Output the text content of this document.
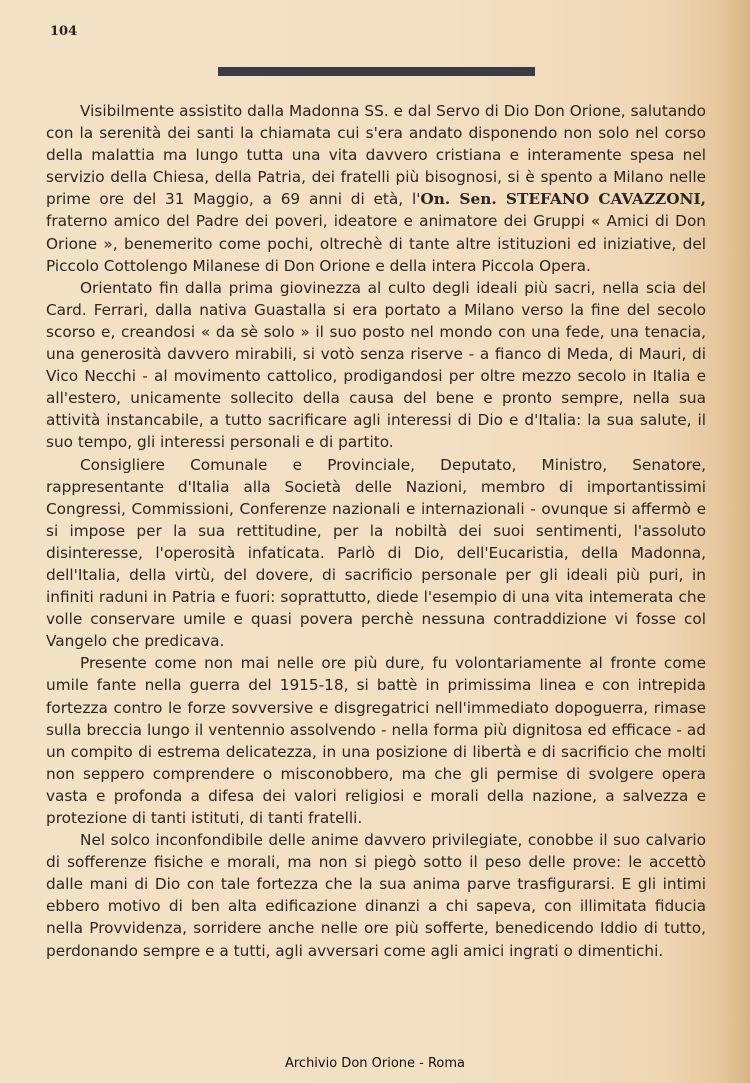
104

Visibilmente assistito dalla Madonna SS. e dal Servo di Dio Don Orione, salutando con la serenità dei santi la chiamata cui s'era andato disponendo non solo nel corso della malattia ma lungo tutta una vita davvero cristiana e interamente spesa nel servizio della Chiesa, della Patria, dei fratelli più bisognosi, si è spento a Milano nelle prime ore del 31 Maggio, a 69 anni di età, l'On. Sen. STEFANO CAVAZZONI, fraterno amico del Padre dei poveri, ideatore e animatore dei Gruppi « Amici di Don Orione », benemerito come pochi, oltrechè di tante altre istituzioni ed iniziative, del Piccolo Cottolengo Milanese di Don Orione e della intera Piccola Opera.

Orientato fin dalla prima giovinezza al culto degli ideali più sacri, nella scia del Card. Ferrari, dalla nativa Guastalla si era portato a Milano verso la fine del secolo scorso e, creandosi « da sè solo » il suo posto nel mondo con una fede, una tenacia, una generosità davvero mirabili, si votò senza riserve - a fianco di Meda, di Mauri, di Vico Necchi - al movimento cattolico, prodigandosi per oltre mezzo secolo in Italia e all'estero, unicamente sollecito della causa del bene e pronto sempre, nella sua attività instancabile, a tutto sacrificare agli interessi di Dio e d'Italia: la sua salute, il suo tempo, gli interessi personali e di partito.

Consigliere Comunale e Provinciale, Deputato, Ministro, Senatore, rappresentante d'Italia alla Società delle Nazioni, membro di importantissimi Congressi, Commissioni, Conferenze nazionali e internazionali - ovunque si affermò e si impose per la sua rettitudine, per la nobiltà dei suoi sentimenti, l'assoluto disinteresse, l'operosità infaticata. Parlò di Dio, dell'Eucaristia, della Madonna, dell'Italia, della virtù, del dovere, di sacrificio personale per gli ideali più puri, in infiniti raduni in Patria e fuori: soprattutto, diede l'esempio di una vita intemerata che volle conservare umile e quasi povera perchè nessuna contraddizione vi fosse col Vangelo che predicava.

Presente come non mai nelle ore più dure, fu volontariamente al fronte come umile fante nella guerra del 1915-18, si battè in primissima linea e con intrepida fortezza contro le forze sovversive e disgregatrici nell'immediato dopoguerra, rimase sulla breccia lungo il ventennio assolvendo - nella forma più dignitosa ed efficace - ad un compito di estrema delicatezza, in una posizione di libertà e di sacrificio che molti non seppero comprendere o misconobbero, ma che gli permise di svolgere opera vasta e profonda a difesa dei valori religiosi e morali della nazione, a salvezza e protezione di tanti istituti, di tanti fratelli.

Nel solco inconfondibile delle anime davvero privilegiate, conobbe il suo calvario di sofferenze fisiche e morali, ma non si piegò sotto il peso delle prove: le accettò dalle mani di Dio con tale fortezza che la sua anima parve trasfigurarsi. E gli intimi ebbero motivo di ben alta edificazione dinanzi a chi sapeva, con illimitata fiducia nella Provvidenza, sorridere anche nelle ore più sofferte, benedicendo Iddio di tutto, perdonando sempre e a tutti, agli avversari come agli amici ingrati o dimentichi.

Archivio Don Orione - Roma
